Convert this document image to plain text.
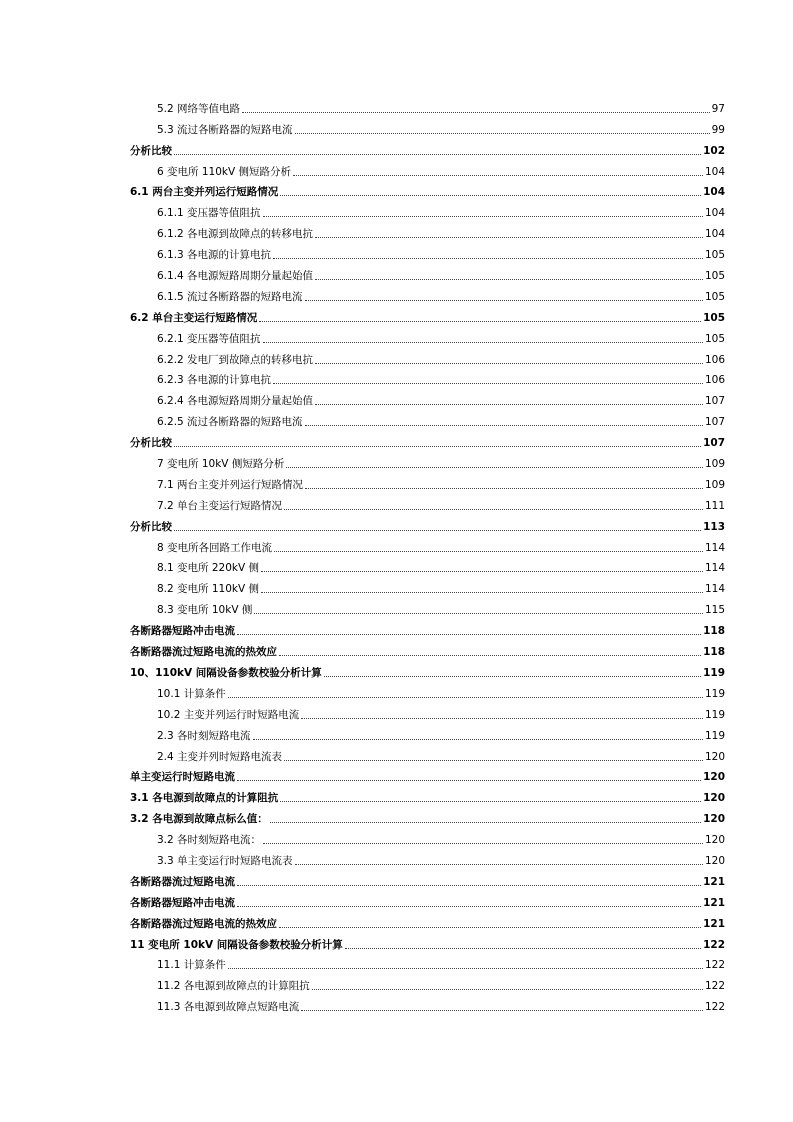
5.2 网络等值电路	97
5.3 流过各断路器的短路电流	99
分析比较	102
6 变电所 110kV 侧短路分析	104
6.1 两台主变并列运行短路情况	104
6.1.1 变压器等值阻抗	104
6.1.2 各电源到故障点的转移电抗	104
6.1.3 各电源的计算电抗	105
6.1.4 各电源短路周期分量起始值	105
6.1.5 流过各断路器的短路电流	105
6.2 单台主变运行短路情况	105
6.2.1 变压器等值阻抗	105
6.2.2 发电厂到故障点的转移电抗	106
6.2.3 各电源的计算电抗	106
6.2.4 各电源短路周期分量起始值	107
6.2.5 流过各断路器的短路电流	107
分析比较	107
7 变电所 10kV 侧短路分析	109
7.1 两台主变并列运行短路情况	109
7.2 单台主变运行短路情况	111
分析比较	113
8 变电所各回路工作电流	114
8.1 变电所 220kV 侧	114
8.2 变电所 110kV 侧	114
8.3 变电所 10kV 侧	115
各断路器短路冲击电流	118
各断路器流过短路电流的热效应	118
10、110kV 间隔设备参数校验分析计算	119
10.1 计算条件	119
10.2 主变并列运行时短路电流	119
2.3 各时刻短路电流	119
2.4 主变并列时短路电流表	120
单主变运行时短路电流	120
3.1 各电源到故障点的计算阻抗	120
3.2 各电源到故障点标么值：	120
3.2 各时刻短路电流：	120
3.3 单主变运行时短路电流表	120
各断路器流过短路电流	121
各断路器短路冲击电流	121
各断路器流过短路电流的热效应	121
11 变电所 10kV 间隔设备参数校验分析计算	122
11.1 计算条件	122
11.2 各电源到故障点的计算阻抗	122
11.3 各电源到故障点短路电流	122
